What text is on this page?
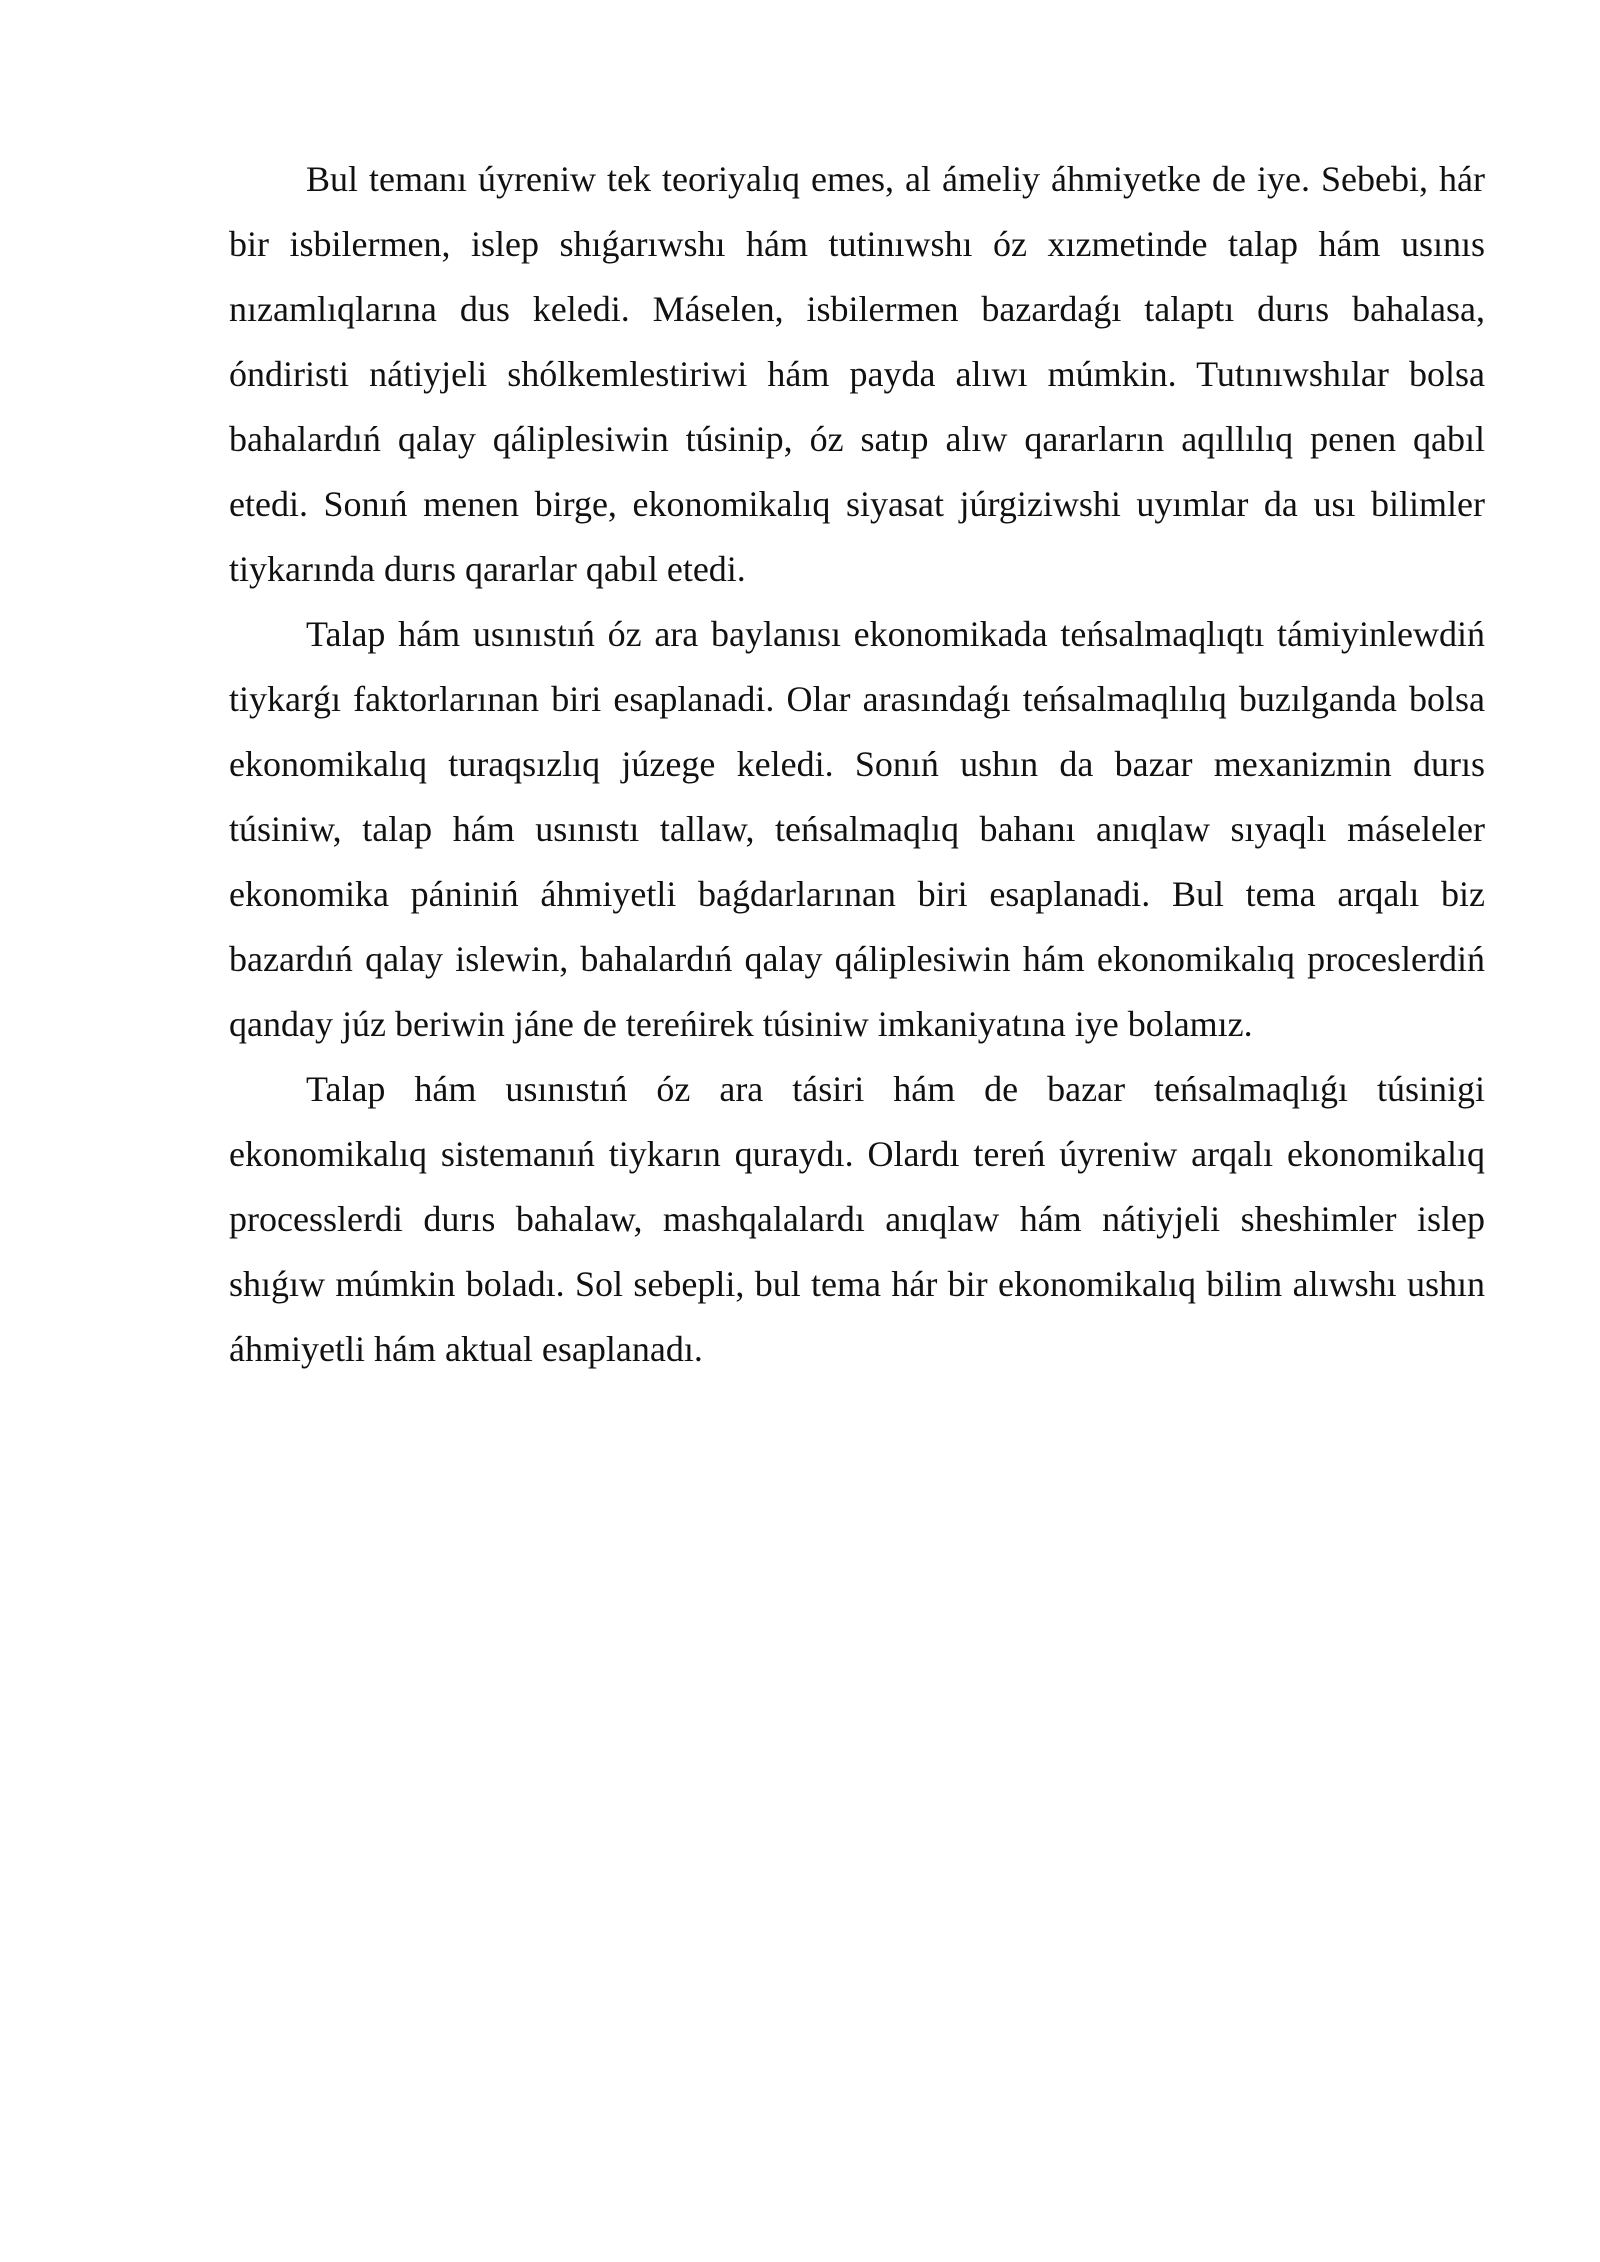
Bul temanı úyreniw tek teoriyalıq emes, al ámeliy áhmiyetke de iye. Sebebi, hár bir isbilermen, islep shıǵarıwshı hám tutinıwshı óz xızmetinde talap hám usınıs nızamlıqlarına dus keledi. Máselen, isbilermen bazardaǵı talaptı durıs bahalasa, óndiristi nátiyjeli shólkemlestiriwi hám payda alıwı múmkin. Tutınıwshılar bolsa bahalardıń qalay qáliplesiwin túsinip, óz satıp alıw qararların aqıllılıq penen qabıl etedi. Sonıń menen birge, ekonomikalıq siyasat júrgiziwshi uyımlar da usı bilimler tiykarında durıs qararlar qabıl etedi.

Talap hám usınıstıń óz ara baylanısı ekonomikada teńsalmaqlıqtı támiyinlewdiń tiykarǵı faktorlarınan biri esaplanadi. Olar arasındaǵı teńsalmaqlılıq buzılganda bolsa ekonomikalıq turaqsızlıq júzege keledi. Sonıń ushın da bazar mexanizmin durıs túsiniw, talap hám usınıstı tallaw, teńsalmaqlıq bahanı anıqlaw sıyaqlı máseleler ekonomika pániniń áhmiyetli baǵdarlarınan biri esaplanadi. Bul tema arqalı biz bazardıń qalay islewin, bahalardıń qalay qáliplesiwin hám ekonomikalıq proceslerdiń qanday júz beriwin jáne de tereńirek túsiniw imkaniyatına iye bolamız.

Talap hám usınıstıń óz ara tásiri hám de bazar teńsalmaqlıǵı túsinigi ekonomikalıq sistemanıń tiykarın quraydı. Olardı tereń úyreniw arqalı ekonomikalıq processlerdi durıs bahalaw, mashqalalardı anıqlaw hám nátiyjeli sheshimler islep shıǵıw múmkin boladı. Sol sebepli, bul tema hár bir ekonomikalıq bilim alıwshı ushın áhmiyetli hám aktual esaplanadı.
